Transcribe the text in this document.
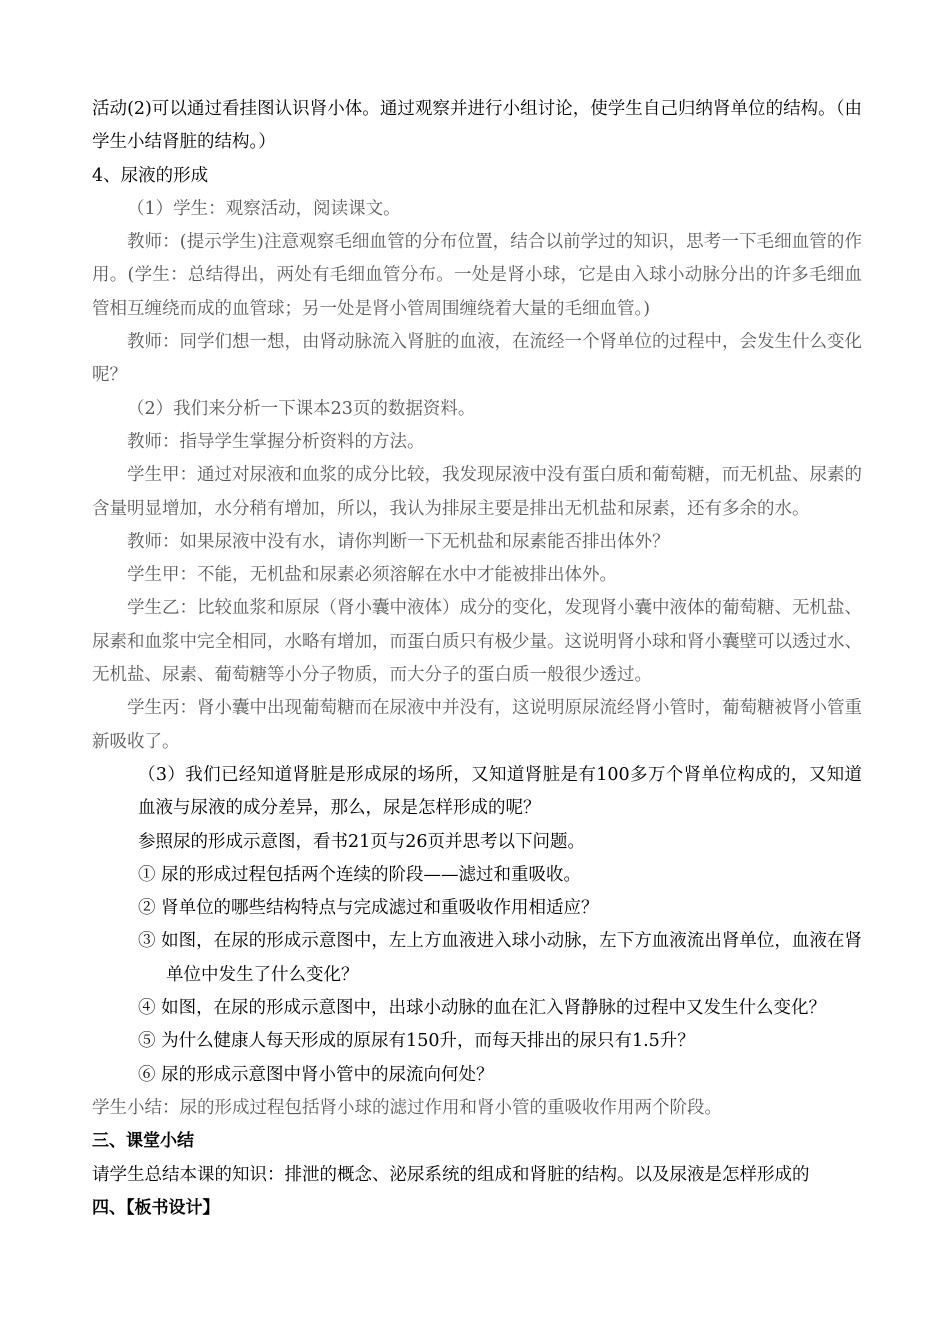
活动(2)可以通过看挂图认识肾小体。通过观察并进行小组讨论，使学生自己归纳肾单位的结构。（由学生小结肾脏的结构。）

4、尿液的形成

（1）学生：观察活动，阅读课文。

教师：(提示学生)注意观察毛细血管的分布位置，结合以前学过的知识，思考一下毛细血管的作用。(学生：总结得出，两处有毛细血管分布。一处是肾小球，它是由入球小动脉分出的许多毛细血管相互缠绕而成的血管球；另一处是肾小管周围缠绕着大量的毛细血管。)

教师：同学们想一想，由肾动脉流入肾脏的血液，在流经一个肾单位的过程中，会发生什么变化呢？

（2）我们来分析一下课本23页的数据资料。

教师：指导学生掌握分析资料的方法。

学生甲：通过对尿液和血浆的成分比较，我发现尿液中没有蛋白质和葡萄糖，而无机盐、尿素的含量明显增加，水分稍有增加，所以，我认为排尿主要是排出无机盐和尿素，还有多余的水。

教师：如果尿液中没有水，请你判断一下无机盐和尿素能否排出体外？

学生甲：不能，无机盐和尿素必须溶解在水中才能被排出体外。

学生乙：比较血浆和原尿（肾小囊中液体）成分的变化，发现肾小囊中液体的葡萄糖、无机盐、尿素和血浆中完全相同，水略有增加，而蛋白质只有极少量。这说明肾小球和肾小囊壁可以透过水、无机盐、尿素、葡萄糖等小分子物质，而大分子的蛋白质一般很少透过。

学生丙：肾小囊中出现葡萄糖而在尿液中并没有，这说明原尿流经肾小管时，葡萄糖被肾小管重新吸收了。

（3）我们已经知道肾脏是形成尿的场所，又知道肾脏是有100多万个肾单位构成的，又知道血液与尿液的成分差异，那么，尿是怎样形成的呢？

参照尿的形成示意图，看书21页与26页并思考以下问题。

① 尿的形成过程包括两个连续的阶段——滤过和重吸收。

② 肾单位的哪些结构特点与完成滤过和重吸收作用相适应？

③ 如图，在尿的形成示意图中，左上方血液进入球小动脉，左下方血液流出肾单位，血液在肾单位中发生了什么变化？

④ 如图，在尿的形成示意图中，出球小动脉的血在汇入肾静脉的过程中又发生什么变化？

⑤ 为什么健康人每天形成的原尿有150升，而每天排出的尿只有1.5升？

⑥ 尿的形成示意图中肾小管中的尿流向何处？

学生小结：尿的形成过程包括肾小球的滤过作用和肾小管的重吸收作用两个阶段。

三、课堂小结

请学生总结本课的知识：排泄的概念、泌尿系统的组成和肾脏的结构。以及尿液是怎样形成的

四、【板书设计】
